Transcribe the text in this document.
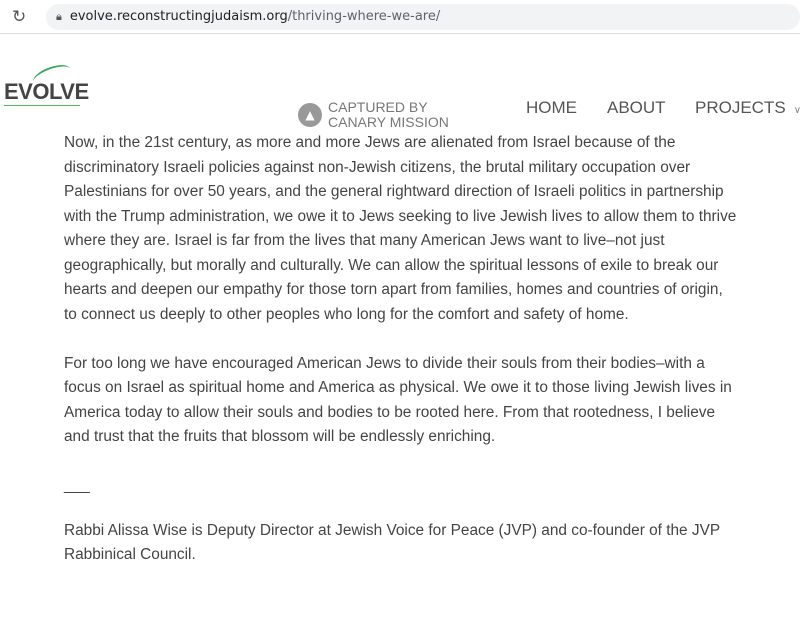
↻	🔒︎ evolve.reconstructingjudaism.org /thriving-where-we-are/
EVOLVE
▲ CAPTURED BY
CANARY MISSION
HOME ABOUT PROJECTS ∨

Now, in the 21st century, as more and more Jews are alienated from Israel because of the
discriminatory Israeli policies against non-Jewish citizens, the brutal military occupation over
Palestinians for over 50 years, and the general rightward direction of Israeli politics in partnership
with the Trump administration, we owe it to Jews seeking to live Jewish lives to allow them to thrive
where they are. Israel is far from the lives that many American Jews want to live–not just
geographically, but morally and culturally. We can allow the spiritual lessons of exile to break our
hearts and deepen our empathy for those torn apart from families, homes and countries of origin,
to connect us deeply to other peoples who long for the comfort and safety of home.

For too long we have encouraged American Jews to divide their souls from their bodies–with a
focus on Israel as spiritual home and America as physical. We owe it to those living Jewish lives in
America today to allow their souls and bodies to be rooted here. From that rootedness, I believe
and trust that the fruits that blossom will be endlessly enriching.

___

Rabbi Alissa Wise is Deputy Director at Jewish Voice for Peace (JVP) and co-founder of the JVP
Rabbinical Council.
